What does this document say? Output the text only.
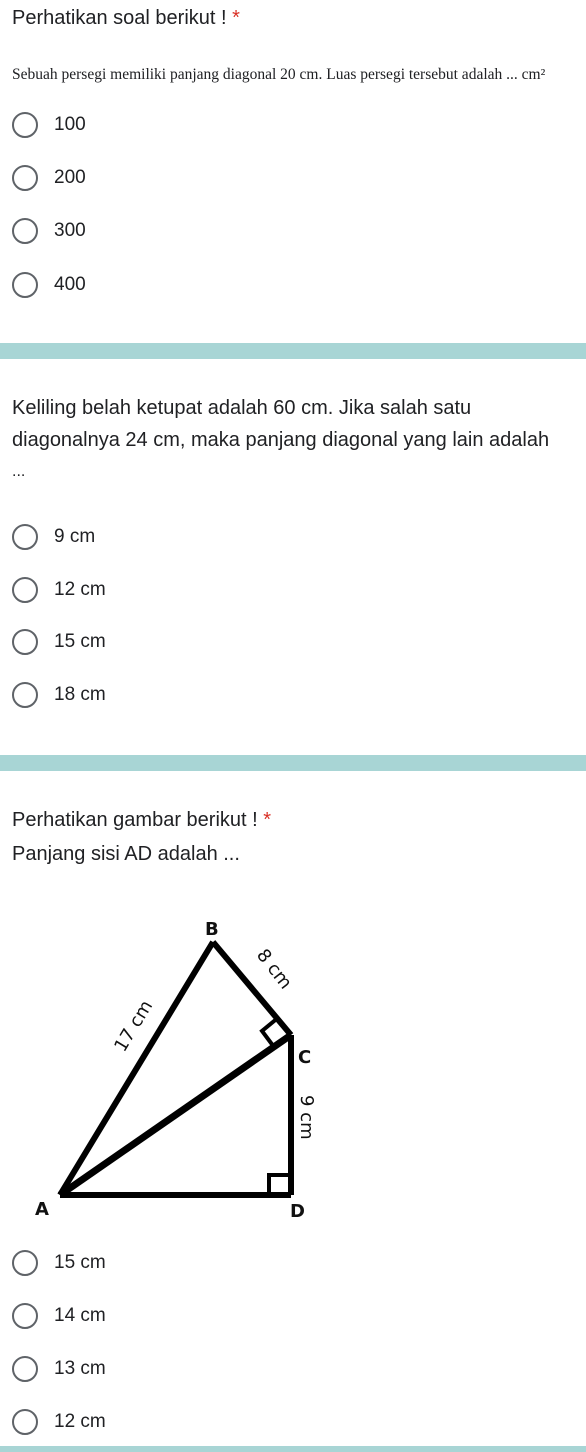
Perhatikan soal berikut ! *
Sebuah persegi memiliki panjang diagonal 20 cm. Luas persegi tersebut adalah ... cm²
100
200
300
400
Keliling belah ketupat adalah 60 cm. Jika salah satu
diagonalnya 24 cm, maka panjang diagonal yang lain adalah
...
9 cm
12 cm
15 cm
18 cm
Perhatikan gambar berikut ! *
Panjang sisi AD adalah ...
B
C
A	D
17 cm
8 cm
9 cm
15 cm
14 cm
13 cm
12 cm
